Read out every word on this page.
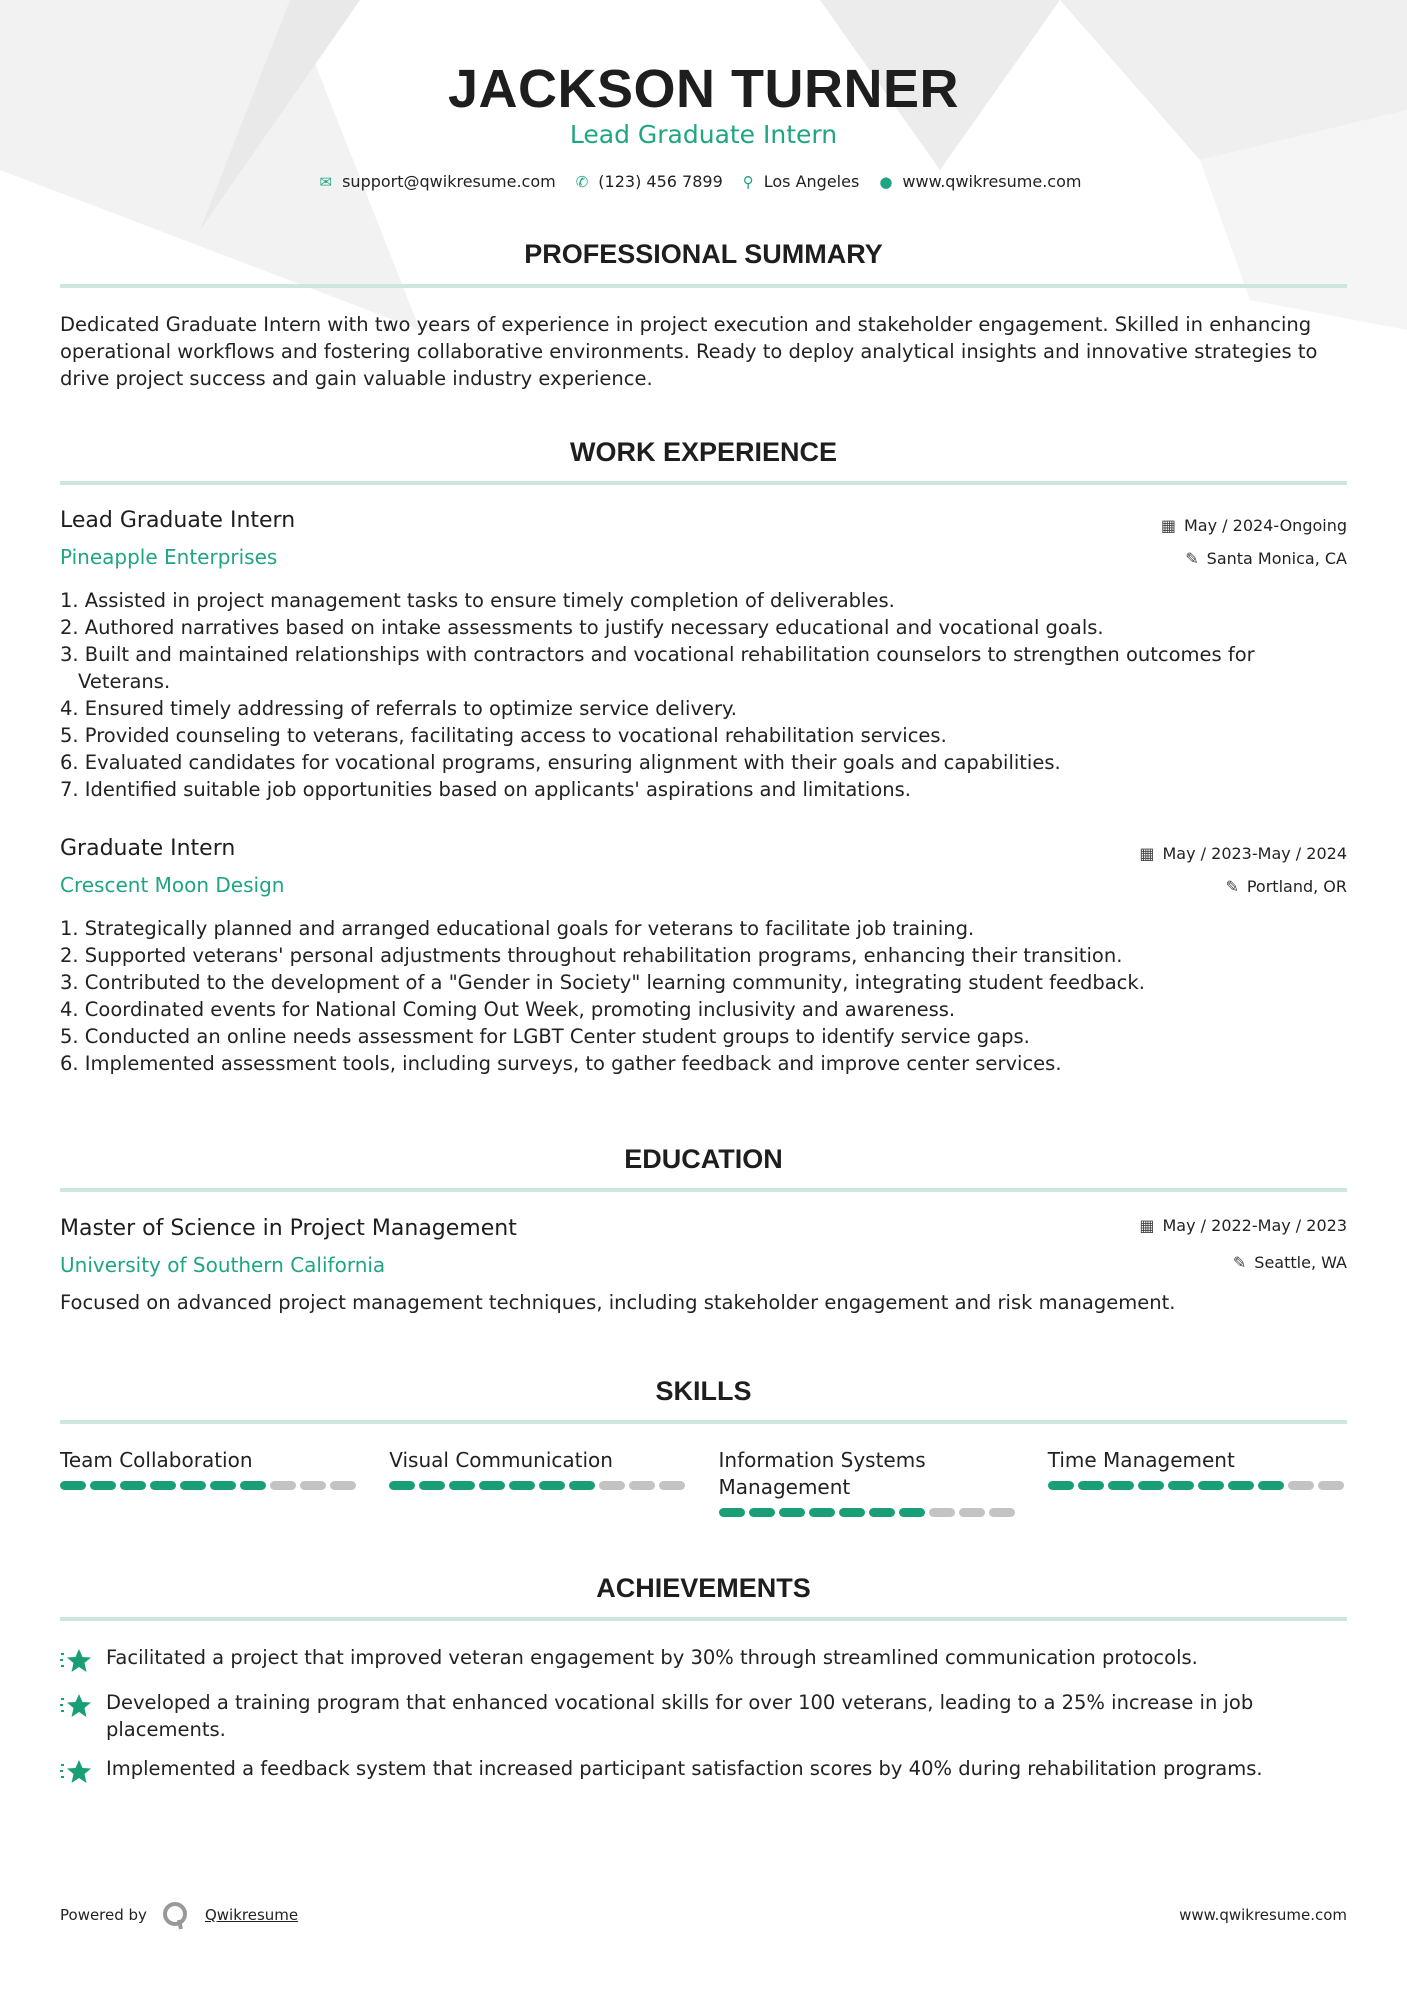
JACKSON TURNER
Lead Graduate Intern
✉ support@qwikresume.com ✆ (123) 456 7899 ⚲ Los Angeles ● www.qwikresume.com
PROFESSIONAL SUMMARY

Dedicated Graduate Intern with two years of experience in project execution and stakeholder engagement. Skilled in enhancing operational workflows and fostering collaborative environments. Ready to deploy analytical insights and innovative strategies to drive project success and gain valuable industry experience.

WORK EXPERIENCE
Lead Graduate Intern	▦ May / 2024-Ongoing
Pineapple Enterprises	✎ Santa Monica, CA
1. Assisted in project management tasks to ensure timely completion of deliverables.
2. Authored narratives based on intake assessments to justify necessary educational and vocational goals.
3. Built and maintained relationships with contractors and vocational rehabilitation counselors to strengthen outcomes for Veterans.
4. Ensured timely addressing of referrals to optimize service delivery.
5. Provided counseling to veterans, facilitating access to vocational rehabilitation services.
6. Evaluated candidates for vocational programs, ensuring alignment with their goals and capabilities.
7. Identified suitable job opportunities based on applicants' aspirations and limitations.
Graduate Intern	▦ May / 2023-May / 2024
Crescent Moon Design	✎ Portland, OR
1. Strategically planned and arranged educational goals for veterans to facilitate job training.
2. Supported veterans' personal adjustments throughout rehabilitation programs, enhancing their transition.
3. Contributed to the development of a "Gender in Society" learning community, integrating student feedback.
4. Coordinated events for National Coming Out Week, promoting inclusivity and awareness.
5. Conducted an online needs assessment for LGBT Center student groups to identify service gaps.
6. Implemented assessment tools, including surveys, to gather feedback and improve center services.
EDUCATION
Master of Science in Project Management	▦ May / 2022-May / 2023
University of Southern California	✎ Seattle, WA

Focused on advanced project management techniques, including stakeholder engagement and risk management.

SKILLS
Team Collaboration	Visual Communication	Information Systems Management
Time Management
ACHIEVEMENTS
Facilitated a project that improved veteran engagement by 30% through streamlined communication protocols.
Developed a training program that enhanced vocational skills for over 100 veterans, leading to a 25% increase in job placements.
Implemented a feedback system that increased participant satisfaction scores by 40% during rehabilitation programs.
Powered by	Qwikresume	www.qwikresume.com
